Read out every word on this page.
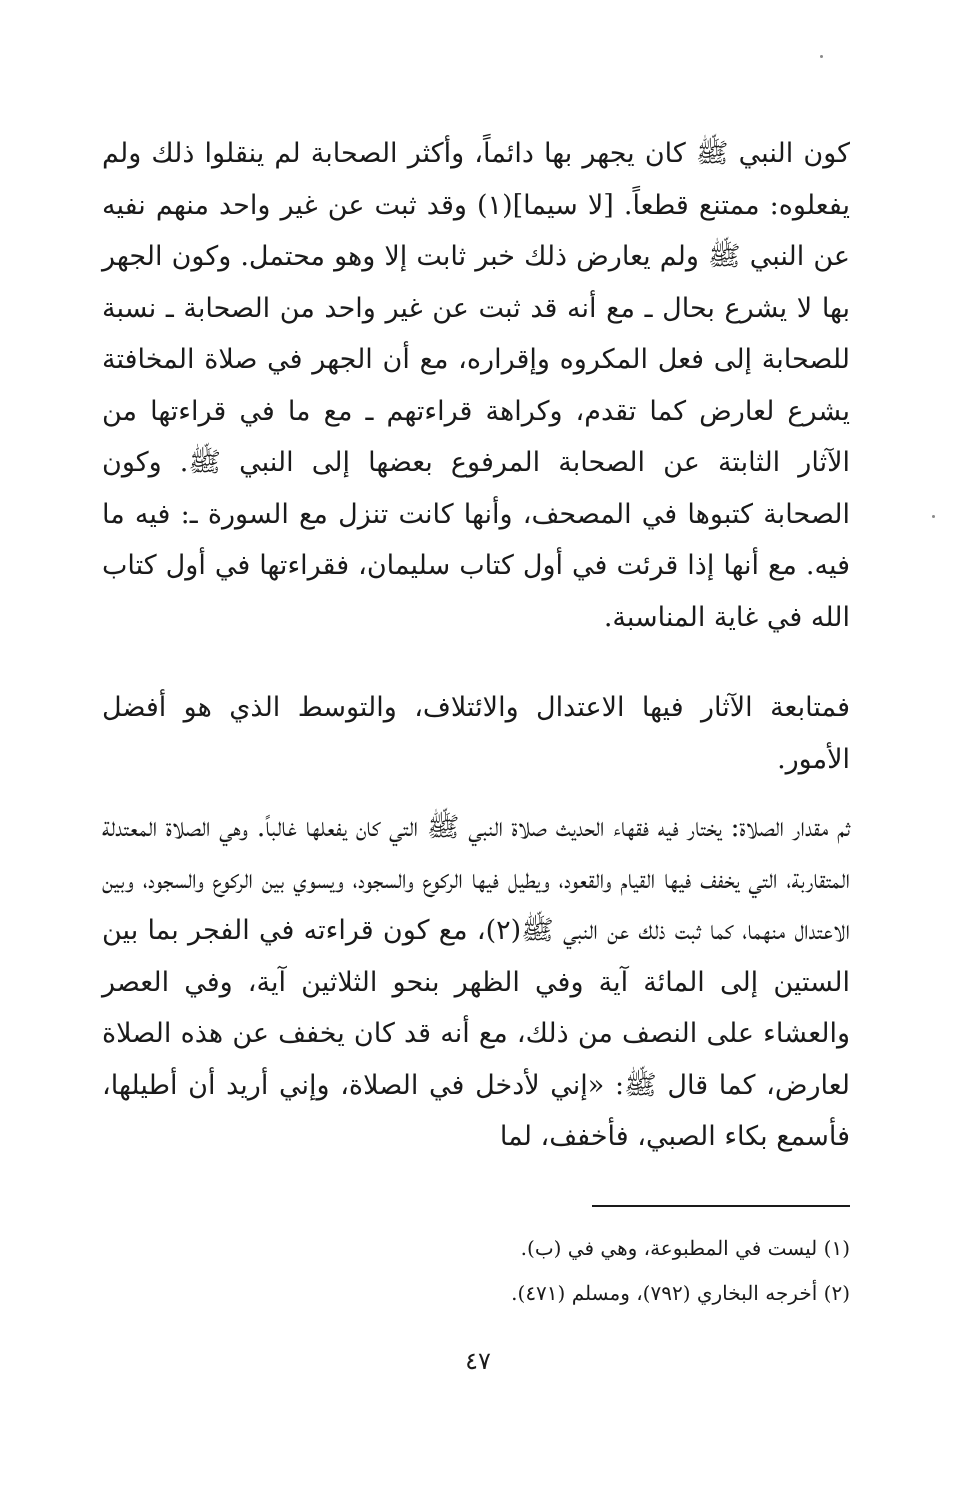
كون النبي ﷺ كان يجهر بها دائماً، وأكثر الصحابة لم ينقلوا ذلك ولم يفعلوه: ممتنع قطعاً. [لا سيما](١) وقد ثبت عن غير واحد منهم نفيه عن النبي ﷺ ولم يعارض ذلك خبر ثابت إلا وهو محتمل. وكون الجهر بها لا يشرع بحال ـ مع أنه قد ثبت عن غير واحد من الصحابة ـ نسبة للصحابة إلى فعل المكروه وإقراره، مع أن الجهر في صلاة المخافتة يشرع لعارض كما تقدم، وكراهة قراءتهم ـ مع ما في قراءتها من الآثار الثابتة عن الصحابة المرفوع بعضها إلى النبي ﷺ. وكون الصحابة كتبوها في المصحف، وأنها كانت تنزل مع السورة ـ: فيه ما فيه. مع أنها إذا قرئت في أول كتاب سليمان، فقراءتها في أول كتاب الله في غاية المناسبة.

فمتابعة الآثار فيها الاعتدال والائتلاف، والتوسط الذي هو أفضل الأمور.

ثم مقدار الصلاة: يختار فيه فقهاء الحديث صلاة النبي ﷺ التي كان يفعلها غالباً. وهي الصلاة المعتدلة المتقاربة، التي يخفف فيها القيام والقعود، ويطيل فيها الركوع والسجود، ويسوي بين الركوع والسجود، وبين الاعتدال منهما، كما ثبت ذلك عن النبي ﷺ(٢)، مع كون قراءته في الفجر بما بين الستين إلى المائة آية وفي الظهر بنحو الثلاثين آية، وفي العصر والعشاء على النصف من ذلك، مع أنه قد كان يخفف عن هذه الصلاة لعارض، كما قال ﷺ: «إني لأدخل في الصلاة، وإني أريد أن أطيلها، فأسمع بكاء الصبي، فأخفف، لما

(١) ليست في المطبوعة، وهي في (ب).

(٢) أخرجه البخاري (٧٩٢)، ومسلم (٤٧١).

٤٧
